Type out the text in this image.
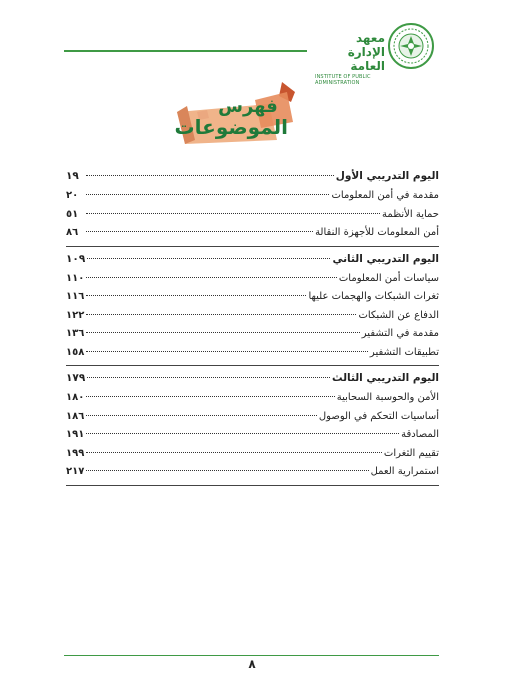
معهد الإدارة العامة
INSTITUTE OF PUBLIC ADMINISTRATION
فهرس
الموضوعات
اليوم التدريبي الأول
١٩
مقدمة في أمن المعلومات
٢٠
حماية الأنظمة
٥١
أمن المعلومات للأجهزة النقالة
٨٦
اليوم التدريبي الثاني
١٠٩
سياسات أمن المعلومات
١١٠
ثغرات الشبكات والهجمات عليها
١١٦
الدفاع عن الشبكات
١٢٢
مقدمة في التشفير
١٣٦
تطبيقات التشفير
١٥٨
اليوم التدريبي الثالث
١٧٩
الأمن والحوسبة السحابية
١٨٠
أساسيات التحكم في الوصول
١٨٦
المصادقة
١٩١
تقييم الثغرات
١٩٩
استمرارية العمل
٢١٧
٨
